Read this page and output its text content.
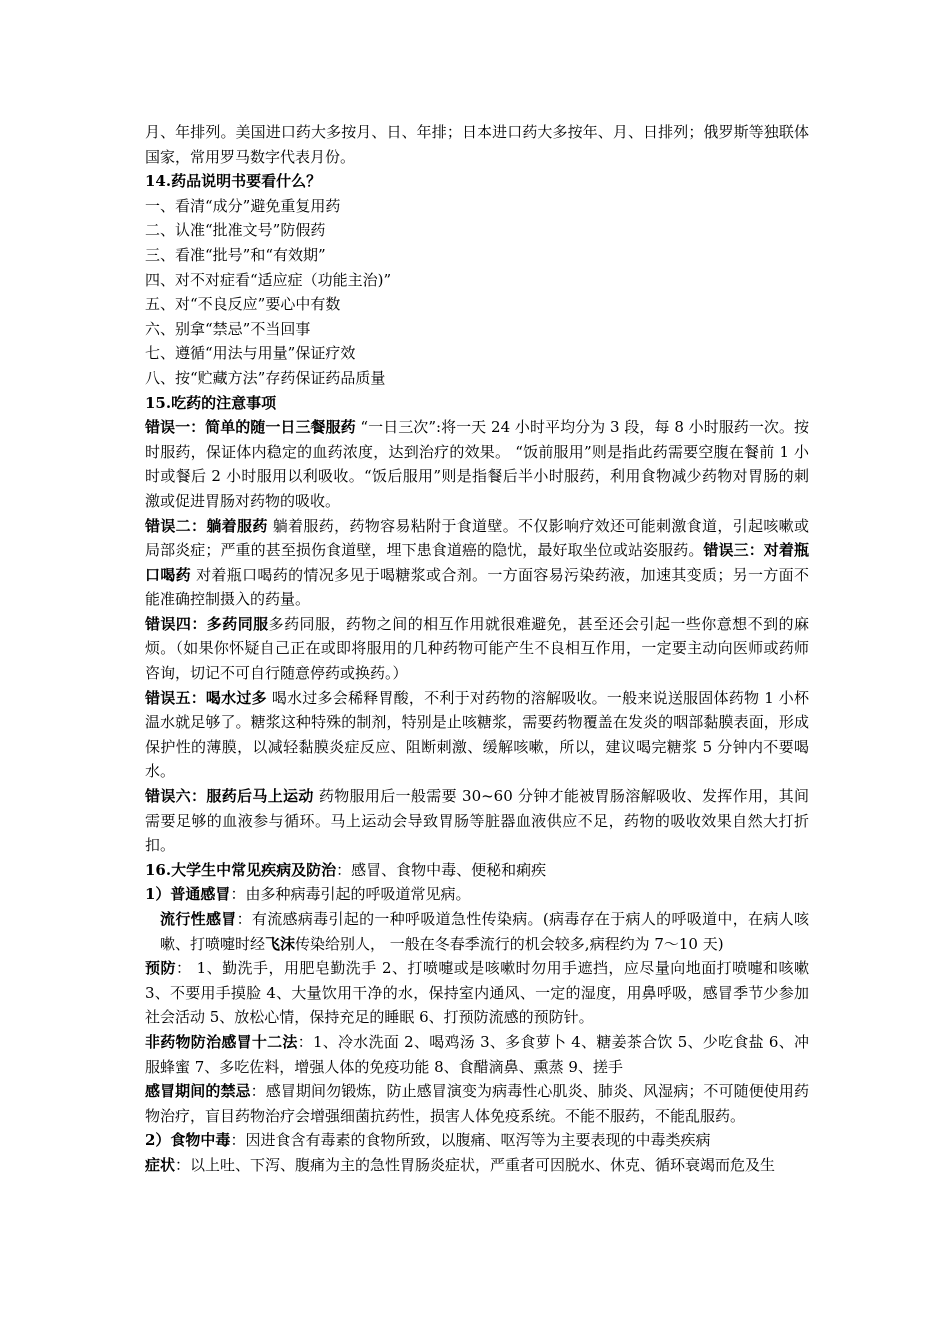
月、年排列。美国进口药大多按月、日、年排；日本进口药大多按年、月、日排列；俄罗斯等独联体国家，常用罗马数字代表月份。

14.药品说明书要看什么？

一、看清“成分”避免重复用药

二、认准“批准文号”防假药

三、看准“批号”和“有效期”

四、对不对症看“适应症（功能主治)”

五、对“不良反应”要心中有数

六、别拿“禁忌”不当回事

七、遵循“用法与用量”保证疗效

八、按“贮藏方法”存药保证药品质量

15.吃药的注意事项

错误一：简单的随一日三餐服药 “一日三次”:将一天 24 小时平均分为 3 段，每 8 小时服药一次。按时服药，保证体内稳定的血药浓度，达到治疗的效果。 “饭前服用”则是指此药需要空腹在餐前 1 小时或餐后 2 小时服用以利吸收。“饭后服用”则是指餐后半小时服药，利用食物减少药物对胃肠的刺激或促进胃肠对药物的吸收。

错误二：躺着服药 躺着服药，药物容易粘附于食道壁。不仅影响疗效还可能刺激食道，引起咳嗽或局部炎症；严重的甚至损伤食道壁，埋下患食道癌的隐忧，最好取坐位或站姿服药。错误三：对着瓶口喝药 对着瓶口喝药的情况多见于喝糖浆或合剂。一方面容易污染药液，加速其变质；另一方面不能准确控制摄入的药量。

错误四：多药同服多药同服，药物之间的相互作用就很难避免，甚至还会引起一些你意想不到的麻烦。（如果你怀疑自己正在或即将服用的几种药物可能产生不良相互作用，一定要主动向医师或药师咨询，切记不可自行随意停药或换药。）

错误五：喝水过多 喝水过多会稀释胃酸，不利于对药物的溶解吸收。一般来说送服固体药物 1 小杯温水就足够了。糖浆这种特殊的制剂，特别是止咳糖浆，需要药物覆盖在发炎的咽部黏膜表面，形成保护性的薄膜，以减轻黏膜炎症反应、阻断刺激、缓解咳嗽，所以，建议喝完糖浆 5 分钟内不要喝水。

错误六：服药后马上运动 药物服用后一般需要 30~60 分钟才能被胃肠溶解吸收、发挥作用，其间需要足够的血液参与循环。马上运动会导致胃肠等脏器血液供应不足，药物的吸收效果自然大打折扣。

16.大学生中常见疾病及防治：感冒、食物中毒、便秘和痢疾

1）普通感冒：由多种病毒引起的呼吸道常见病。

流行性感冒：有流感病毒引起的一种呼吸道急性传染病。(病毒存在于病人的呼吸道中，在病人咳嗽、打喷嚏时经飞沫传染给别人， 一般在冬春季流行的机会较多,病程约为 7～10 天)

预防： 1、勤洗手，用肥皂勤洗手 2、打喷嚏或是咳嗽时勿用手遮挡，应尽量向地面打喷嚏和咳嗽 3、不要用手摸脸 4、大量饮用干净的水，保持室内通风、一定的湿度，用鼻呼吸，感冒季节少参加社会活动 5、放松心情，保持充足的睡眠 6、打预防流感的预防针。

非药物防治感冒十二法：1、冷水洗面 2、喝鸡汤 3、多食萝卜 4、糖姜茶合饮 5、少吃食盐 6、冲服蜂蜜 7、多吃佐料，增强人体的免疫功能 8、食醋滴鼻、熏蒸 9、搓手

感冒期间的禁忌：感冒期间勿锻炼，防止感冒演变为病毒性心肌炎、肺炎、风湿病；不可随便使用药物治疗，盲目药物治疗会增强细菌抗药性，损害人体免疫系统。不能不服药，不能乱服药。

2）食物中毒：因进食含有毒素的食物所致，以腹痛、呕泻等为主要表现的中毒类疾病

症状：以上吐、下泻、腹痛为主的急性胃肠炎症状，严重者可因脱水、休克、循环衰竭而危及生
